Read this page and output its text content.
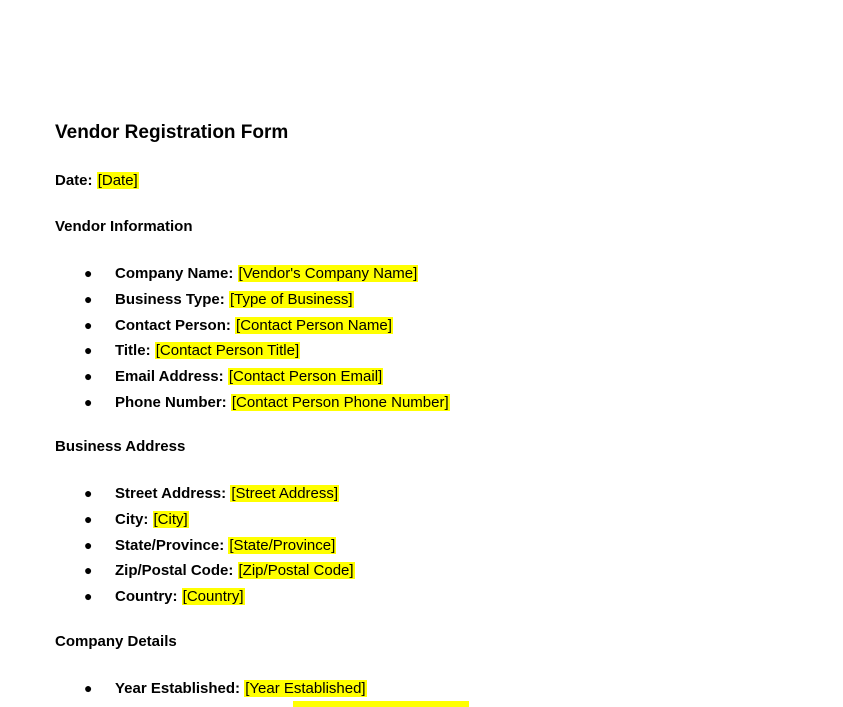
Vendor Registration Form
Date: [Date]
Vendor Information
● Company Name: [Vendor's Company Name]
● Business Type: [Type of Business]
● Contact Person: [Contact Person Name]
● Title: [Contact Person Title]
● Email Address: [Contact Person Email]
● Phone Number: [Contact Person Phone Number]
Business Address
● Street Address: [Street Address]
● City: [City]
● State/Province: [State/Province]
● Zip/Postal Code: [Zip/Postal Code]
● Country: [Country]
Company Details
● Year Established: [Year Established]
